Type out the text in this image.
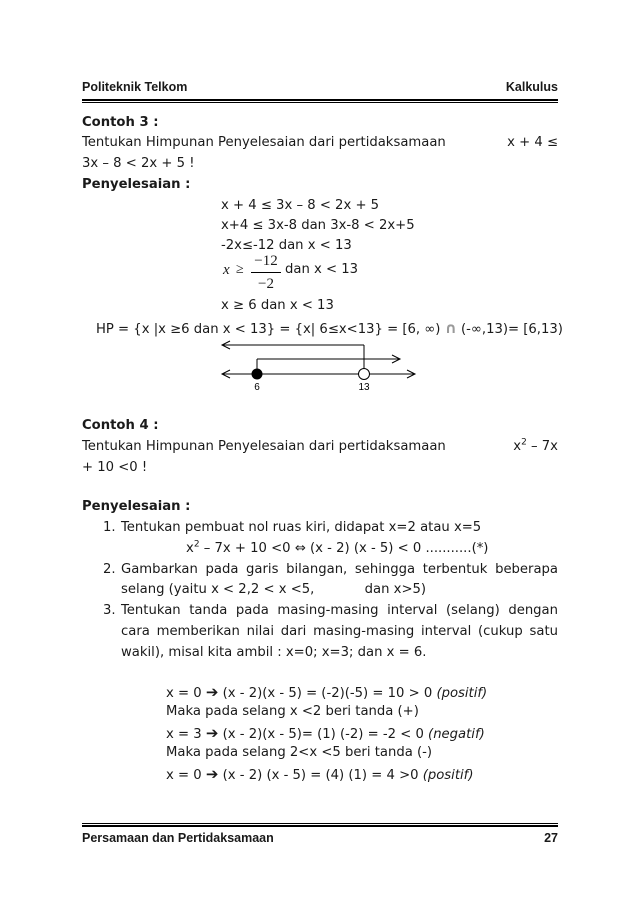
Politeknik Telkom	Kalkulus
Contoh 3 :
Tentukan Himpunan Penyelesaian dari pertidaksamaan	x + 4 ≤
3x – 8 < 2x + 5 !
Penyelesaian :
x + 4 ≤ 3x – 8 < 2x + 5
x+4 ≤ 3x-8 dan 3x-8 < 2x+5
-2x≤-12 dan x < 13
x ≥
−12
−2
dan x < 13
x ≥ 6 dan x < 13
HP = {x |x ≥6 dan x < 13} = {x| 6≤x<13} = [6, ∞) ∩ (-∞,13)= [6,13)
6	13
Contoh 4 :
Tentukan Himpunan Penyelesaian dari pertidaksamaan	$x^2 - 7x$
+ 10 <0 !
Penyelesaian :
1. Tentukan pembuat nol ruas kiri, didapat x=2 atau x=5
$x^2 - 7x + 10 <0$ ⇔ (x - 2) (x - 5) < 0 ...........(*)
2. Gambarkan pada garis bilangan, sehingga terbentuk beberapa
selang (yaitu x < 2,2 < x <5,            dan x>5)
3. Tentukan tanda pada masing-masing interval (selang) dengan
cara memberikan nilai dari masing-masing interval (cukup satu
wakil), misal kita ambil : x=0; x=3; dan x = 6.
x = 0 ➔ (x - 2)(x - 5) = (-2)(-5) = 10 > 0 (positif)
Maka pada selang x <2 beri tanda (+)
x = 3 ➔ (x - 2)(x - 5)= (1) (-2) = -2 < 0 (negatif)
Maka pada selang 2<x <5 beri tanda (-)
x = 0 ➔ (x - 2) (x - 5) = (4) (1) = 4 >0 (positif)
Persamaan dan Pertidaksamaan	27
